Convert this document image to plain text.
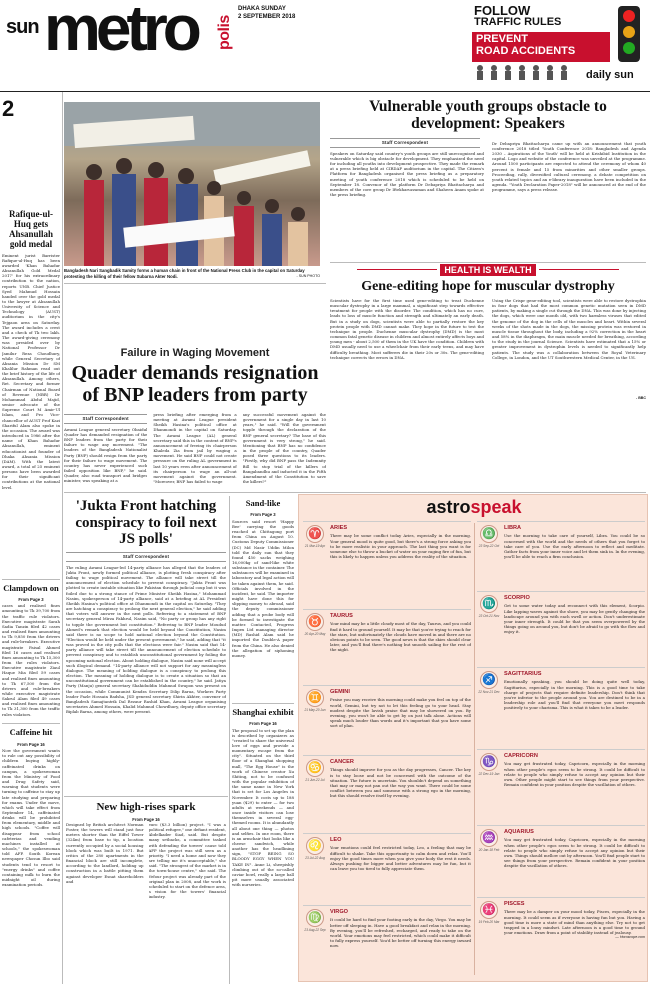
sun metro polis
DHAKA SUNDAY
2 SEPTEMBER 2018	FOLLOW
TRAFFIC RULES
PREVENT
ROAD ACCIDENTS
daily sun
2
Bangladesh Nari Sangbadik Samity forms a human chain in front of the National Press Club in the capital on Saturday protesting the killing of their fellow Subarna Akter Nodi.	- SUN PHOTO
Vulnerable youth groups obstacle to development: Speakers
Staff Correspondent
Speakers on Saturday said country's youth groups are still unrecognised and vulnerable which is big obstacle for development. They emphasized the need for including all youths into development prospective. They made the remark at a press briefing held at CIRDAP auditorium in the capital. The Citizen's Platform for Bangladesh organised the press briefing as a preparatory meeting of youth conference 2018 which is scheduled to be held on September 18. Convenor of the platform Dr Debapriya Bhattacharya and members of the core group Dr Iftekharuzzaman and Shaheen Anam spoke at the press briefing.
Dr Debapriya Bhattacharya came up with an announcement that youth conference 2018 titled 'Youth Conference 2018: Bangladesh and Agenda 2030 – Aspirations of the Youth' will be held at Krishibid Institution in the capital. Logo and website of the conference was unveiled at the programme. Around 1500 participants are expected to attend the ceremony of whom 40 percent is female and 15 from minorities and other smaller groups. Proceeding, rally, diversified cultural ceremony, a debate competition on youth related topics and an e-library inauguration have been included in the agenda. "Youth Declaration Paper-2018" will be announced at the end of the programme, says a press release.
HEALTH IS WEALTH
Gene-editing hope for muscular dystrophy
Scientists have for the first time used gene-editing to treat Duchenne muscular dystrophy in a large mammal, a significant step towards effective treatment for people with the disorder. The condition, which has no cure, leads to loss of muscle function and strength and ultimately an early death. But in a study on dogs, scientists were able to partially restore the key protein people with DMD cannot make. They hope in the future to test the technique in people. Duchenne muscular dystrophy (DMD) is the most common fatal genetic disease in children and almost entirely affects boys and young men - about 2,500 of them in the UK have the condition. Children with DMD usually need to use a wheelchair from their early teens, and may have difficulty breathing. Most sufferers die in their 20s or 30s. The gene-editing technique corrects the errors in DNA.
Using the Crispr gene-editing tool, scientists were able to restore dystrophin in four dogs that had the most common genetic mutation seen in DMD patients, by making a single cut through the DNA. This was done by injecting the dogs, which were one month old, with two harmless viruses that edited the genome of the dog in the cells of the muscles and heart. Within several weeks of the shots made in the dogs, the missing protein was restored in muscle tissue throughout the body, including a 92% correction in the heart and 58% in the diaphragm, the main muscle needed for breathing, according to the study in the journal Science. Scientists have estimated that a 15% or greater improvement in dystrophin levels is needed to significantly help patients. The study was a collaboration between the Royal Veterinary College, in London, and the UT Southwestern Medical Center, in the US.
- BBC
Rafique-ul-Huq gets Ahsanullah gold medal
Eminent jurist Barrister Rafique-ul-Huq has been awarded 'Khan Bahadur Ahsanullah Gold Medal 2017' for his extraordinary contribution to the nation, reports UNB. Chief Justice Syed Mahmud Hossain handed over the gold medal to the lawyer at Ahsanullah University of Science and Technology (AUST) auditorium in the city's Tejgaon area on Saturday. The award includes a crest and a check of Tk two lakh. The award-giving ceremony was presided over by National Professor Dr Jamilur Reza Choudhury, while General Secretary of Ahsania Mission Dr SM Khalilur Rahman read out the brief history of the life of Ahsanullah. Among others, Ret. Secretary and former Chairman of National Board of Revenue (NBR) Dr Mohammad Abdul Majid, senior advocate of the Supreme Court M Amir-Ul Islam, and Pro Vice-chancellor of AUST Prof Kazi Shariful Alam also spoke in the occasion. The award was introduced in 1986 after the name of Khan Bahadur Ahsanullah, eminent educationist and founder of Dhaka Ahsania Mission (DAM). With the latest award, a total of 25 eminent persons have been awarded for their significant contributions at the national level.
Clampdown on
From Page 3
cases and realised fines amounting to Tk 39,700 from the traffic rule violators. Executive magistrate Sarah Sadia Tanzin filed 42 cases and realised fines amounting to Tk 9,850 from the drivers and rule-breakers. Executive magistrate Faisal Ahmed filed 16 cases and realised fines amounting to Tk 15,300 from the rules violators. Executive magistrate Ziaul Haque Mia filed 59 cases and realised fines amounting to Tk 67,500 from the drivers and rule-breakers while executive magistrate Sakrul Alam filed 49 cases and realised fines amounting to Tk 31,300 from the traffic rules violators.
Caffeine hit
From Page 16
Now the government wants to rule out any possibility of children buying highly-caffeinated drinks on campus, a spokeswoman from the Ministry of Food and Drug Safety said, warning that students were turning to caffeine to stay up late studying and preparing for exams. Under the move, which will take effect from September 14, caffeinated drinks will be prohibited from elementary, middle and high schools. "Coffee will disappear from school cafeterias and vending machines installed at schools," the spokeswoman told AFP. South Korean newspaper Chosun Ilbo said students tend to resort to "energy drinks" and coffee containing milk to burn the midnight oil during examination periods.
Failure in Waging Movement
Quader demands resignation of BNP leaders from party
Staff Correspondent
Awami League general secretary Obaidul Quader has demanded resignation of the BNP leaders from the party for their failure to wage any movement. "The leaders of the Bangladesh Nationalist Party (BNP) should resign from the party for their failure to wage movement. The country has never experienced such failed opposition like BNP," he said. Quader, also road transport and bridges minister, was speaking at a
press briefing after emerging from a meeting at Awami League president Sheikh Hasina's political office at Dhanmondi in the capital on Saturday. The Awami League (AL) general secretary said this in the context of BNP's announcement of freeing its chairperson Khaleda Zia from jail by waging a movement. He said BNP could not create pressure on the ruling AL government in last 10 years even after announcement of its chairperson to wage an all-out movement against the government. "Moreover, BNP has failed to wage
any successful movement against the government for a single day in last 10 years," he said. "Will the government topple through the declaration of the BNP general secretary? The base of this government is very strong," he said. Mentioning that BNP has no confidence in the people of the country, Quader posed three questions to its leaders. "Firstly, why did BNP pass the Indemnity Bill to stop trial of the killers of Bangabandhu and inducted it in the Fifth Amendment of the Constitution to save the killers?"
'Jukta Front hatching conspiracy to foil next JS polls'
Staff Correspondent
The ruling Awami League-led 14-party alliance has alleged that the leaders of Jukta Front, newly formed political alliance, is plotting fresh conspiracy after failing to wage political movement. The alliance will take street till the announcement of election schedule to prevent conspiracy. "Jukta Front was plotted to create instable situation like Pakistan through judicial coup but it was foiled due to a strong stance of Prime Minister Sheikh Hasina," Mohammad Nasim, spokesperson of 14-party alliance, said at a briefing at AL President Sheikh Hasina's political office at Dhanmondi in the capital on Saturday. "They are hatching a conspiracy to prolong the next general election," he said adding that voters will answer in the next polls. Referring to a statement of BNP secretary general Mirza Fakhrul, Nasim said, "No party or group has any right to topple the government but constitution." Referring to BNP leader Moudud Ahmed's remark that election would be held beyond the Constitution, Nasim said there is no scope to hold national election beyond the Constitution. "Election would be held under the present government," he said, adding that "it was proved in the city polls that the elections were fair." Nasim said that 14-party alliance will take street till the announcement of election schedule to prevent conspiracy and to establish unconstitutional government by foiling the upcoming national election. About holding dialogue, Nasim said none will accept such illogical demand. "14-party alliance will not support for any meaningless dialogue. The meaning of holding dialogue is a conspiracy to prolong this election. The meaning of holding dialogue is to create a situation so that an unconstitutional government can be established in the country," he said. Jatiya Party (Manju) general secretary Shahiduddin Mahmud Swapon was present on the occasion, while Communist Kendra Secretary Dilip Barua, Workers Party leader Fazle Hossain Badsha, JSD general secretary Shirin Akhter, convener of Bangladesh Samajtantrik Dal Rezaur Rashid Khan, Awami League organising secretaries Ahmed Hossain, Khalid Mahmud Chowdhury, deputy office secretary Biplab Barua, among others, were present.
New high-rises spark
From Page 16
Designed by British architect Norman Foster, the towers will stand just four metres shorter than the Eiffel Tower (324m) from base to tip, a location currently occupied by a social housing block which was built in 1971. But critics of the 280 apartments in the financial block are still incomplete, according to the landlord, holding up construction in a battle pitting them against developer Esnat shareholders and
euro ($3.3 billion) project. "I was a political refugee," one defiant resident, Abdelkader Siad, said. But despite many setbacks, a committee tasked with defending the towers' cause told AFP the project was still seen as a priority. "I need a home and now they are telling me it's unacceptable," she said. "The strongest of the market is in the town-house centre," she said. The Vefour project was already part of the original plan in 2008, and the work is scheduled to start on the defence area, a vision for the towers' financial industry.
Sand-like
From Page 3
Sources said resort 'Happy Bee' carrying the goods reached at Chittagong port from China on August 10. Customs Deputy Commissioner (DC) Md Nasir Uddin Milon told the daily sun that they found 450 sacks weighing 16,000kg of sand-like white substance in the container. The substances will be examined in laboratory and legal action will be taken against them, he said. Officials involved in the incident, he said. The importer might have done this for slipping money to abroad, said the deputy commissioner adding that a probe body will be formed to investigate the matter. Contacted, Progress Impex Ltd managing director (MD) Rashid Alam said he imported the Double-A paper from the China. He also denied the allegation of siphoning money.
Shanghai exhibit
From Page 16
The proposal to set up the plan is described by organizers as "created to share the universal love of eggs and provide a momentary escape from the city". Situated on the third floor of a Shanghai shopping mall, "The Egg House" is the work of Chinese creator Xu Shiting, not to be confused with the popular exhibition of the same name in New York that is set for Los Angeles in November. It costs up to 188 yuan ($29) to enter — for two adults at weekends — and once inside visitors can lose themselves in several egg-themed rooms. It is abundantly all about one thing — photos and selfies. In one room, there is an armchair that looks like a cheese sandwich, while another has the headlining sign, "STOP BEING SO BLOODY EGGY WHEN YOU TAKE IN". Anne Li, sheepishly climbing out of the so-called caviar bowl, really a large ball pit more usually associated with nurseries.
astrospeak
♈
21 Mar-19 Apr
ARIES
There may be some conflict today Aries, especially in the morning. Your general mood is quite good, but there's a strong force asking you to be more realistic in your approach. The last thing you want is for someone else to throw a bucket of water on your raging fire of fun, but this is likely to happen unless you address the reality of the situation.
♉
20 Apr-20 May
TAURUS
Your mind may be a little cloudy most of the day, Taurus, and you could find it hard to ground yourself. It may be that you're trying to reach for the stars, but unfortunately the clouds have moved in and there are no obvious points to be seen. The good news is that the skies should clear later, and you'll find there's nothing but smooth sailing for the rest of the night.
♊
21 May-20 Jun
GEMINI
Praise you may receive this morning could make you feel on top of the world, Gemini, but try not to let this feeling go to your head. Stay modest despite the lavish praise that may be showered on you. By evening, you won't be able to get by on just talk alone. Actions will speak much louder than words and it's important that you have some sort of plan.
♋
21 Jun-22 Jul
CANCER
Things should improve for you as the day progresses, Cancer. The key is to stay loose and not be concerned with the outcome of the situation. The future is uncertain. You shouldn't depend on something that may or may not pan out the way you want. There could be some conflict between you and someone with a strong ego in the morning, but this should resolve itself by evening.
♌
23 Jul-22 Aug
LEO
Your emotions could feel restricted today, Leo, a feeling that may be difficult to shake. Take this opportunity to calm down and relax. You'll enjoy the good times more when you give your body the rest it needs. Always pushing for bigger and better adventures may be fun, but it can leave you too tired to fully appreciate them.
♍
23 Aug-22 Sep
VIRGO
It could be hard to find your footing early in the day, Virgo. You may be better off sleeping in. Have a good breakfast and relax in the morning. By evening, you'll be refreshed, recharged, and ready to take on the world. Your emotions may feel restricted, which could make it difficult to fully express yourself. You'd be better off turning this energy inward now.
♎
23 Sep-22 Oct
LIBRA
Use the morning to take care of yourself, Libra. You could be so concerned with the world and the needs of others that you forget to take care of you. Use the early afternoon to reflect and meditate. Gather facts from your inner voice and let them sink in. In the evening, you'll be able to reach a firm conclusion.
♏
23 Oct-21 Nov
SCORPIO
Get to some water today and reconnect with this element, Scorpio. Like lapping waves against the shore, you may be gently changing the landscape around you with each swell or action. Don't underestimate your inner strength. It could be that you seem overpowered by the things going on around you, but don't be afraid to go with the flow and enjoy it.
♐
22 Nov-21 Dec
SAGITTARIUS
Emotionally speaking, you should be doing quite well today, Sagittarius, especially in the morning. This is a good time to take charge of projects that require definite leadership. Don't think that you're inferior to the people around you. You are destined to be in a leadership role and you'll find that everyone you meet responds positively to your charisma. This is what it takes to be a leader.
♑
22 Dec-19 Jan
CAPRICORN
You may get frustrated today, Capricorn, especially in the morning when other people's egos seem to be strong. It could be difficult to relate to people who simply refuse to accept any opinion but their own. Other people might start to see things from your perspective. Remain confident in your position despite the vacillation of others.
♒
20 Jan-18 Feb
AQUARIUS
You may get frustrated today, Capricorn, especially in the morning when other people's egos seem to be strong. It could be difficult to relate to people who simply refuse to accept any opinion but their own. Things should mellow out by afternoon. You'll find people start to see things from your perspective. Remain confident in your position despite the vacillation of others.
♓
19 Feb-20 Mar
PISCES
There may be a damper on your mood today, Pisces, especially in the morning. It could seem as if everyone is having fun but you. Having a good time is more a state of mind than anything else. Try not to get trapped in a lousy mindset. Late afternoon is a good time to ground your emotions. Draw from a point of stability instead of jealousy.
— Horoscope.com
